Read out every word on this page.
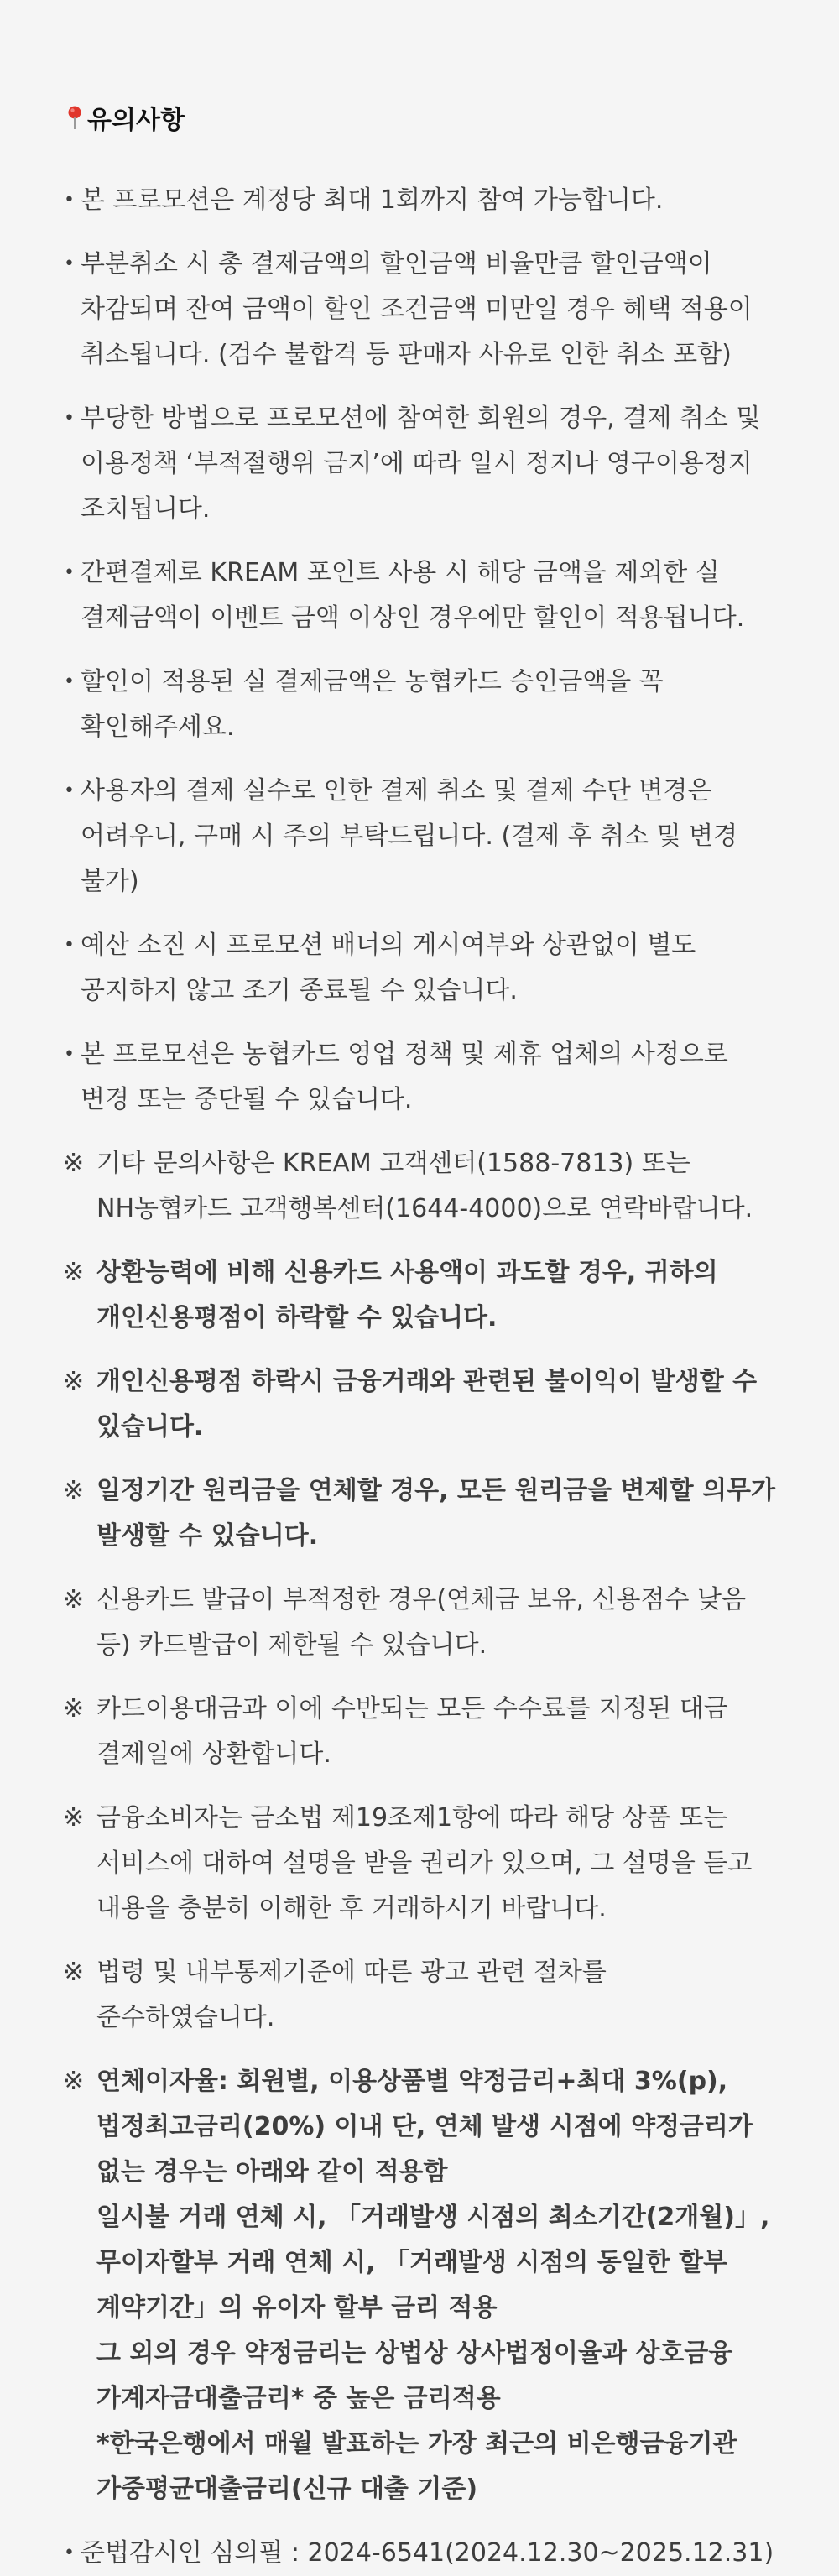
유의사항
• 본 프로모션은 계정당 최대 1회까지 참여 가능합니다.
• 부분취소 시 총 결제금액의 할인금액 비율만큼 할인금액이 차감되며 잔여 금액이 할인 조건금액 미만일 경우 혜택 적용이 취소됩니다. (검수 불합격 등 판매자 사유로 인한 취소 포함)
• 부당한 방법으로 프로모션에 참여한 회원의 경우, 결제 취소 및 이용정책 ‘부적절행위 금지’에 따라 일시 정지나 영구이용정지 조치됩니다.
• 간편결제로 KREAM 포인트 사용 시 해당 금액을 제외한 실 결제금액이 이벤트 금액 이상인 경우에만 할인이 적용됩니다.
• 할인이 적용된 실 결제금액은 농협카드 승인금액을 꼭 확인해주세요.
• 사용자의 결제 실수로 인한 결제 취소 및 결제 수단 변경은 어려우니, 구매 시 주의 부탁드립니다. (결제 후 취소 및 변경 불가)
• 예산 소진 시 프로모션 배너의 게시여부와 상관없이 별도 공지하지 않고 조기 종료될 수 있습니다.
• 본 프로모션은 농협카드 영업 정책 및 제휴 업체의 사정으로 변경 또는 중단될 수 있습니다.
※ 기타 문의사항은 KREAM 고객센터(1588-7813) 또는 NH농협카드 고객행복센터(1644-4000)으로 연락바랍니다.
※ 상환능력에 비해 신용카드 사용액이 과도할 경우, 귀하의 개인신용평점이 하락할 수 있습니다.
※ 개인신용평점 하락시 금융거래와 관련된 불이익이 발생할 수 있습니다.
※ 일정기간 원리금을 연체할 경우, 모든 원리금을 변제할 의무가 발생할 수 있습니다.
※ 신용카드 발급이 부적정한 경우(연체금 보유, 신용점수 낮음 등) 카드발급이 제한될 수 있습니다.
※ 카드이용대금과 이에 수반되는 모든 수수료를 지정된 대금 결제일에 상환합니다.
※ 금융소비자는 금소법 제19조제1항에 따라 해당 상품 또는 서비스에 대하여 설명을 받을 권리가 있으며, 그 설명을 듣고 내용을 충분히 이해한 후 거래하시기 바랍니다.
※ 법령 및 내부통제기준에 따른 광고 관련 절차를 준수하였습니다.
※ 연체이자율: 회원별, 이용상품별 약정금리+최대 3%(p), 법정최고금리(20%) 이내 단, 연체 발생 시점에 약정금리가 없는 경우는 아래와 같이 적용함
일시불 거래 연체 시, 「거래발생 시점의 최소기간(2개월)」, 무이자할부 거래 연체 시, 「거래발생 시점의 동일한 할부 계약기간」의 유이자 할부 금리 적용
그 외의 경우 약정금리는 상법상 상사법정이율과 상호금융 가계자금대출금리* 중 높은 금리적용
*한국은행에서 매월 발표하는 가장 최근의 비은행금융기관 가중평균대출금리(신규 대출 기준)
• 준법감시인 심의필 : 2024-6541(2024.12.30~2025.12.31)
